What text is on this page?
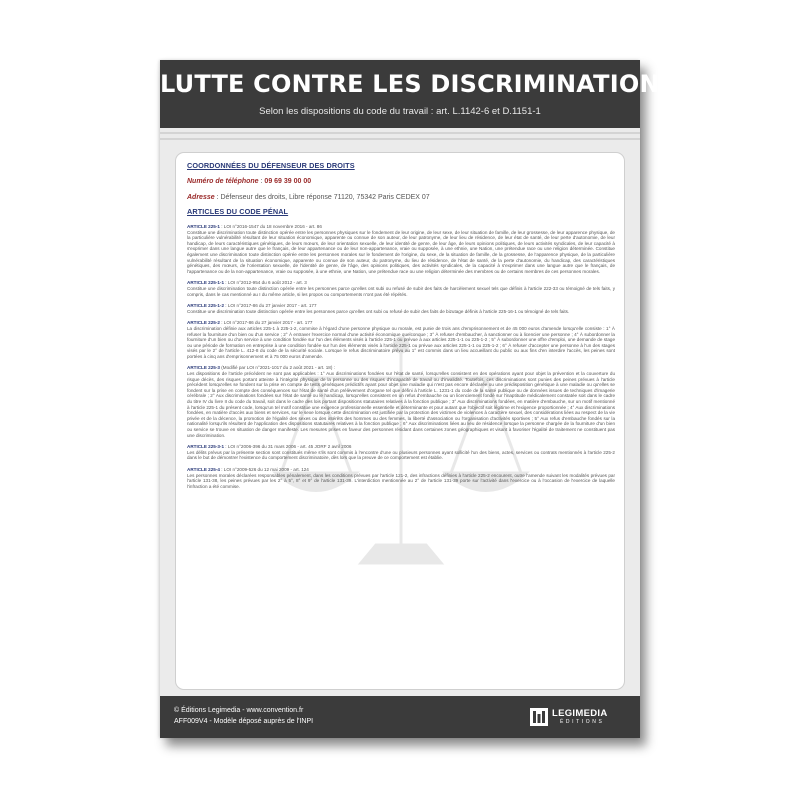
LUTTE CONTRE LES DISCRIMINATIONS
Selon les dispositions du code du travail : art. L.1142-6 et D.1151-1
COORDONNÉES DU DÉFENSEUR DES DROITS
Numéro de téléphone : 09 69 39 00 00
Adresse : Défenseur des droits, Libre réponse 71120, 75342 Paris CEDEX 07
ARTICLES DU CODE PÉNAL
ARTICLE 225-1 : LOI n°2016-1547 du 18 novembre 2016 - art. 86
Constitue une discrimination toute distinction opérée entre les personnes physiques sur le fondement de leur origine, de leur sexe, de leur situation de famille, de leur grossesse, de leur apparence physique, de la particulière vulnérabilité résultant de leur situation économique, apparente ou connue de son auteur, de leur patronyme, de leur lieu de résidence, de leur état de santé, de leur perte d'autonomie, de leur handicap, de leurs caractéristiques génétiques, de leurs mœurs, de leur orientation sexuelle, de leur identité de genre, de leur âge, de leurs opinions politiques, de leurs activités syndicales, de leur capacité à s'exprimer dans une langue autre que le français, de leur appartenance ou de leur non-appartenance, vraie ou supposée, à une ethnie, une Nation, une prétendue race ou une religion déterminée. Constitue également une discrimination toute distinction opérée entre les personnes morales sur le fondement de l'origine, du sexe, de la situation de famille, de la grossesse, de l'apparence physique, de la particulière vulnérabilité résultant de la situation économique, apparente ou connue de son auteur, du patronyme, du lieu de résidence, de l'état de santé, de la perte d'autonomie, du handicap, des caractéristiques génétiques, des mœurs, de l'orientation sexuelle, de l'identité de genre, de l'âge, des opinions politiques, des activités syndicales, de la capacité à s'exprimer dans une langue autre que le français, de l'appartenance ou de la non-appartenance, vraie ou supposée, à une ethnie, une Nation, une prétendue race ou une religion déterminée des membres ou de certains membres de ces personnes morales.
ARTICLE 225-1-1 : LOI n°2012-954 du 6 août 2012 - art. 3
Constitue une discrimination toute distinction opérée entre les personnes parce qu'elles ont subi ou refusé de subir des faits de harcèlement sexuel tels que définis à l'article 222-33 ou témoigné de tels faits, y compris, dans le cas mentionné au I du même article, si les propos ou comportements n'ont pas été répétés.
ARTICLE 225-1-2 : LOI n°2017-86 du 27 janvier 2017 - art. 177
Constitue une discrimination toute distinction opérée entre les personnes parce qu'elles ont subi ou refusé de subir des faits de bizutage définis à l'article 225-16-1 ou témoigné de tels faits.
ARTICLE 225-2 : LOI n°2017-86 du 27 janvier 2017 - art. 177
La discrimination définie aux articles 225-1 à 225-1-2, commise à l'égard d'une personne physique ou morale, est punie de trois ans d'emprisonnement et de 45 000 euros d'amende lorsqu'elle consiste : 1° À refuser la fourniture d'un bien ou d'un service ; 2° À entraver l'exercice normal d'une activité économique quelconque ; 3° À refuser d'embaucher, à sanctionner ou à licencier une personne ; 4° À subordonner la fourniture d'un bien ou d'un service à une condition fondée sur l'un des éléments visés à l'article 225-1 ou prévue à aux articles 225-1-1 ou 225-1-2 ; 5° À subordonner une offre d'emploi, une demande de stage ou une période de formation en entreprise à une condition fondée sur l'un des éléments visés à l'article 225-1 ou prévue aux articles 225-1-1 ou 225-1-2 ; 6° À refuser d'accepter une personne à l'un des stages visés par le 2° de l'article L. 412-8 du code de la sécurité sociale. Lorsque le refus discriminatoire prévu au 1° est commis dans un lieu accueillant du public ou aux fins d'en interdire l'accès, les peines sont portées à cinq ans d'emprisonnement et à 75 000 euros d'amende.
ARTICLE 225-3 (Modifié par LOI n°2021-1017 du 2 août 2021 - art. 18) :
Les dispositions de l'article précédent ne sont pas applicables : 1° Aux discriminations fondées sur l'état de santé, lorsqu'elles consistent en des opérations ayant pour objet la prévention et la couverture du risque décès, des risques portant atteinte à l'intégrité physique de la personne ou des risques d'incapacité de travail ou d'invalidité. Toutefois, ces discriminations sont punies des peines prévues à l'article précédent lorsqu'elles se fondent sur la prise en compte de tests génétiques prédictifs ayant pour objet une maladie qui n'est pas encore déclarée ou une prédisposition génétique à une maladie ou qu'elles se fondent sur la prise en compte des conséquences sur l'état de santé d'un prélèvement d'organe tel que défini à l'article L. 1231-1 du code de la santé publique ou de données issues de techniques d'imagerie cérébrale ; 2° Aux discriminations fondées sur l'état de santé ou le handicap, lorsqu'elles consistent en un refus d'embauche ou un licenciement fondé sur l'inaptitude médicalement constatée soit dans le cadre du titre IV du livre II du code du travail, soit dans le cadre des lois portant dispositions statutaires relatives à la fonction publique ; 3° Aux discriminations fondées, en matière d'embauche, sur un motif mentionné à l'article 225-1 du présent code, lorsqu'un tel motif constitue une exigence professionnelle essentielle et déterminante et pour autant que l'objectif soit légitime et l'exigence proportionnée ; 4° Aux discriminations fondées, en matière d'accès aux biens et services, sur le sexe lorsque cette discrimination est justifiée par la protection des victimes de violences à caractère sexuel, des considérations liées au respect de la vie privée et de la décence, la promotion de l'égalité des sexes ou des intérêts des hommes ou des femmes, la liberté d'association ou l'organisation d'activités sportives ; 5° Aux refus d'embauche fondés sur la nationalité lorsqu'ils résultent de l'application des dispositions statutaires relatives à la fonction publique ; 6° Aux discriminations liées au lieu de résidence lorsque la personne chargée de la fourniture d'un bien ou service se trouve en situation de danger manifeste. Les mesures prises en faveur des personnes résidant dans certaines zones géographiques et visant à favoriser l'égalité de traitement ne constituent pas une discrimination.
ARTICLE 225-3-1 : LOI n°2006-396 du 31 mars 2006 - art. 45 JORF 2 avril 2006
Les délits prévus par la présente section sont constitués même s'ils sont commis à l'encontre d'une ou plusieurs personnes ayant sollicité l'un des biens, actes, services ou contrats mentionnés à l'article 225-2 dans le but de démontrer l'existence du comportement discriminatoire, dès lors que la preuve de ce comportement est établie.
ARTICLE 225-4 : LOI n°2009-526 du 12 mai 2009 - art. 124
Les personnes morales déclarées responsables pénalement, dans les conditions prévues par l'article 121-2, des infractions définies à l'article 225-2 encourent, outre l'amende suivant les modalités prévues par l'article 131-38, les peines prévues par les 2° à 5°, 8° et 9° de l'article 131-39. L'interdiction mentionnée au 2° de l'article 131-39 porte sur l'activité dans l'exercice ou à l'occasion de l'exercice de laquelle l'infraction a été commise.
© Éditions Legimedia - www.convention.fr
AFF009V4 - Modèle déposé auprès de l'INPI
LEGIMEDIA
ÉDITIONS
